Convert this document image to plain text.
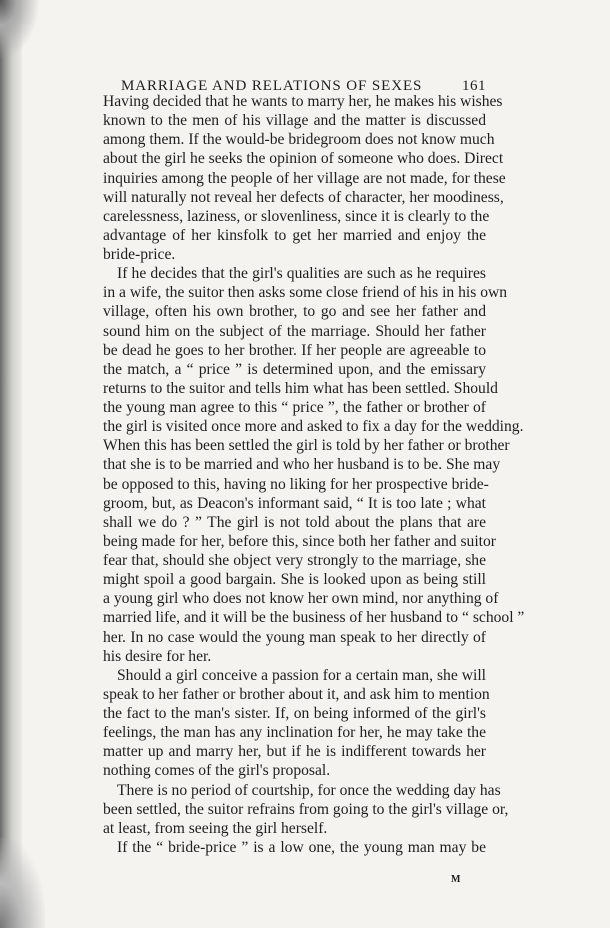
MARRIAGE AND RELATIONS OF SEXES	161
Having decided that he wants to marry her, he makes his wishes
known to the men of his village and the matter is discussed
among them. If the would-be bridegroom does not know much
about the girl he seeks the opinion of someone who does. Direct
inquiries among the people of her village are not made, for these
will naturally not reveal her defects of character, her moodiness,
carelessness, laziness, or slovenliness, since it is clearly to the
advantage of her kinsfolk to get her married and enjoy the
bride-price.
If he decides that the girl's qualities are such as he requires
in a wife, the suitor then asks some close friend of his in his own
village, often his own brother, to go and see her father and
sound him on the subject of the marriage. Should her father
be dead he goes to her brother. If her people are agreeable to
the match, a “ price ” is determined upon, and the emissary
returns to the suitor and tells him what has been settled. Should
the young man agree to this “ price ”, the father or brother of
the girl is visited once more and asked to fix a day for the wedding.
When this has been settled the girl is told by her father or brother
that she is to be married and who her husband is to be. She may
be opposed to this, having no liking for her prospective bride-
groom, but, as Deacon's informant said, “ It is too late ; what
shall we do ? ” The girl is not told about the plans that are
being made for her, before this, since both her father and suitor
fear that, should she object very strongly to the marriage, she
might spoil a good bargain. She is looked upon as being still
a young girl who does not know her own mind, nor anything of
married life, and it will be the business of her husband to “ school ”
her. In no case would the young man speak to her directly of
his desire for her.
Should a girl conceive a passion for a certain man, she will
speak to her father or brother about it, and ask him to mention
the fact to the man's sister. If, on being informed of the girl's
feelings, the man has any inclination for her, he may take the
matter up and marry her, but if he is indifferent towards her
nothing comes of the girl's proposal.
There is no period of courtship, for once the wedding day has
been settled, the suitor refrains from going to the girl's village or,
at least, from seeing the girl herself.
If the “ bride-price ” is a low one, the young man may be
M
